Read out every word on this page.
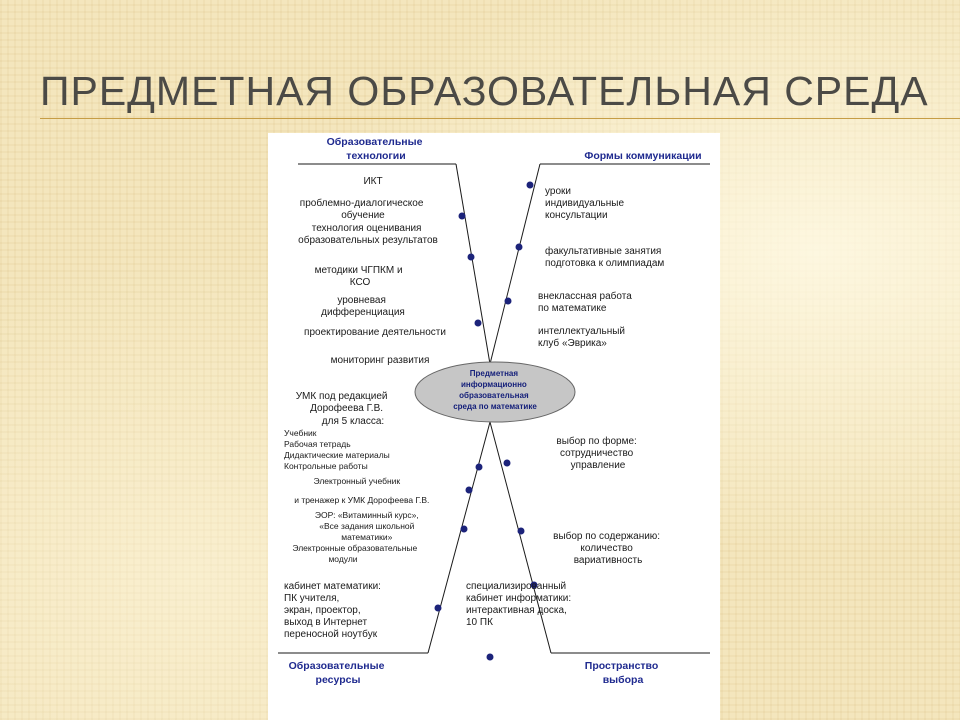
ПРЕДМЕТНАЯ ОБРАЗОВАТЕЛЬНАЯ СРЕДА
Предметная информационно образовательная среда по математике
Образовательные технологии	Формы коммуникации
Образовательные ресурсы
Пространство выбора
ИКТ
проблемно-диалогическое обучение
технология оценивания образовательных результатов
методики ЧГПКМ и КСО
уровневая дифференциация
проектирование деятельности
мониторинг развития
уроки
индивидуальные консультации
факультативные занятия подготовка к олимпиадам
внеклассная работа по математике
интеллектуальный клуб «Эврика»
УМК под редакцией Дорофеева Г.В. для 5 класса:
Учебник Рабочая тетрадь Дидактические материалы Контрольные работы
Электронный учебник и тренажер к УМК Дорофеева Г.В. ЭОР: «Витаминный курс», «Все задания школьной математики» Электронные образовательные модули
кабинет математики: ПК учителя, экран, проектор, выход в Интернет переносной ноутбук
выбор по форме: сотрудничество управление
выбор по содержанию: количество вариативность
специализированный кабинет информатики: интерактивная доска, 10 ПК
